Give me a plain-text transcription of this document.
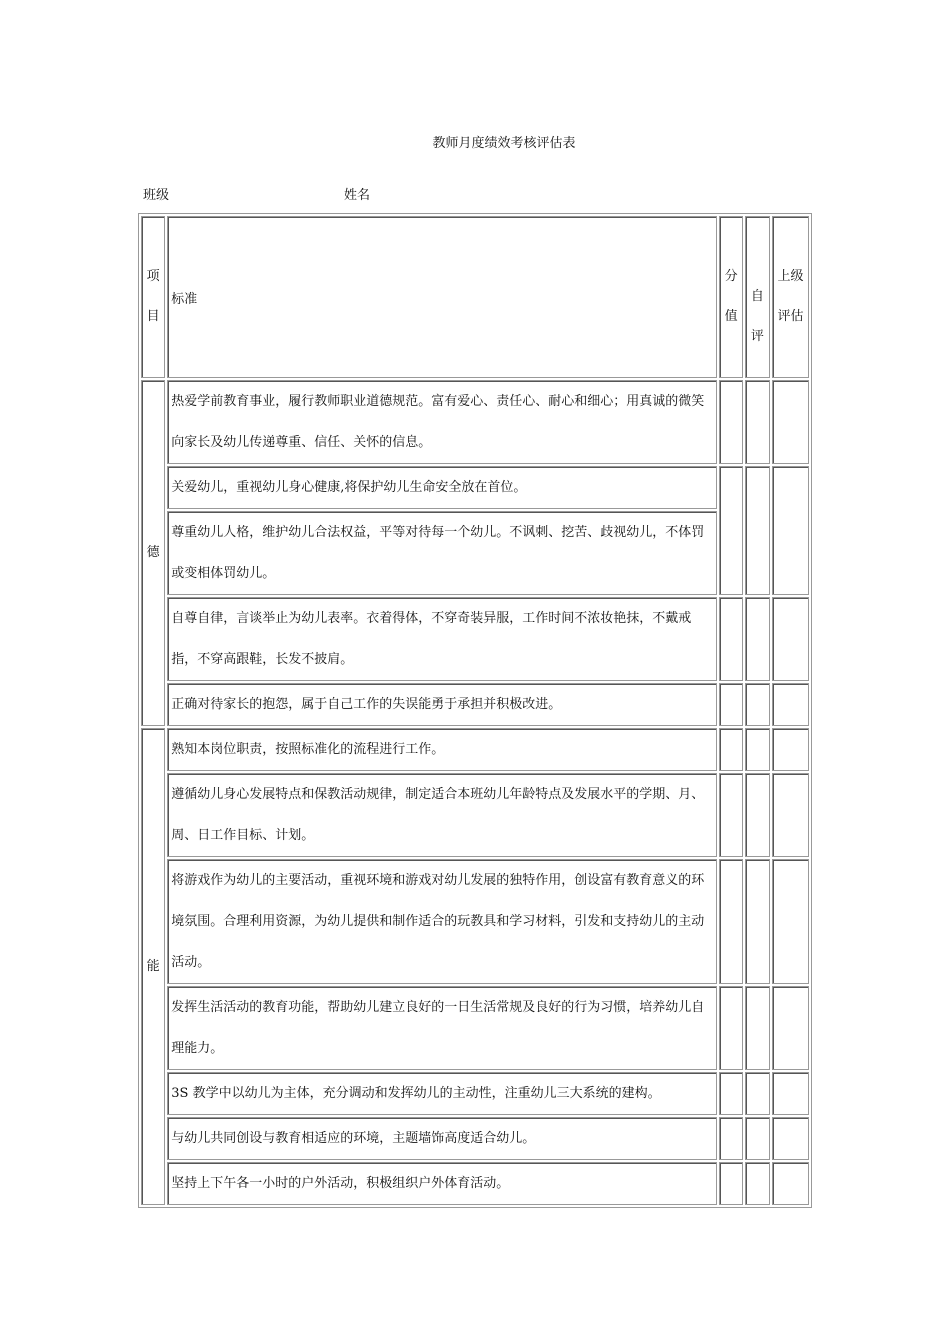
教师月度绩效考核评估表
班级	姓名
项目	标准	分值	自评	上级评估
德	热爱学前教育事业，履行教师职业道德规范。富有爱心、责任心、耐心和细心；用真诚的微笑向家长及幼儿传递尊重、信任、关怀的信息。			
	关爱幼儿，重视幼儿身心健康,将保护幼儿生命安全放在首位。			
	尊重幼儿人格，维护幼儿合法权益，平等对待每一个幼儿。不讽刺、挖苦、歧视幼儿，不体罚或变相体罚幼儿。			
	自尊自律，言谈举止为幼儿表率。衣着得体，不穿奇装异服，工作时间不浓妆艳抹，不戴戒指，不穿高跟鞋，长发不披肩。			
	正确对待家长的抱怨，属于自己工作的失误能勇于承担并积极改进。			
能	熟知本岗位职责，按照标准化的流程进行工作。			
	遵循幼儿身心发展特点和保教活动规律，制定适合本班幼儿年龄特点及发展水平的学期、月、周、日工作目标、计划。			
	将游戏作为幼儿的主要活动，重视环境和游戏对幼儿发展的独特作用，创设富有教育意义的环境氛围。合理利用资源，为幼儿提供和制作适合的玩教具和学习材料，引发和支持幼儿的主动活动。			
	发挥生活活动的教育功能，帮助幼儿建立良好的一日生活常规及良好的行为习惯，培养幼儿自理能力。			
	3S 教学中以幼儿为主体，充分调动和发挥幼儿的主动性，注重幼儿三大系统的建构。			
	与幼儿共同创设与教育相适应的环境，主题墙饰高度适合幼儿。			
	坚持上下午各一小时的户外活动，积极组织户外体育活动。			
